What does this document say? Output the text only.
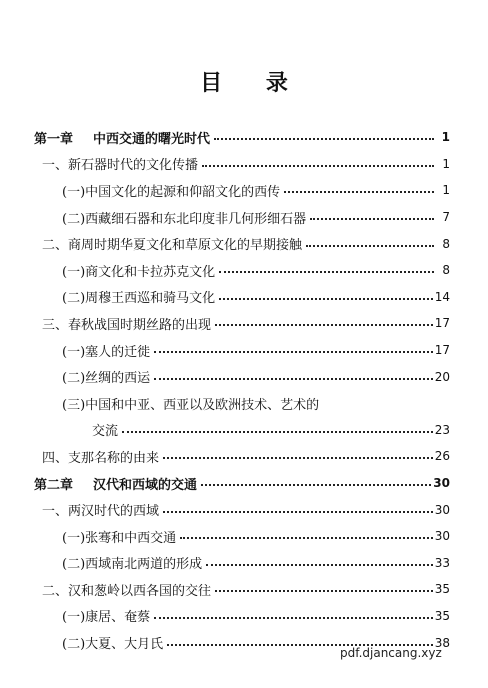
目 录
第一章 中西交通的曙光时代	1
一、新石器时代的文化传播	1
(一)中国文化的起源和仰韶文化的西传	1
(二)西藏细石器和东北印度非几何形细石器	7
二、商周时期华夏文化和草原文化的早期接触	8
(一)商文化和卡拉苏克文化	8
(二)周穆王西巡和骑马文化	14
三、春秋战国时期丝路的出现	17
(一)塞人的迁徙	17
(二)丝绸的西运	20
(三)中国和中亚、西亚以及欧洲技术、艺术的
交流	23
四、支那名称的由来	26
第二章 汉代和西域的交通	30
一、两汉时代的西域	30
(一)张骞和中西交通	30
(二)西域南北两道的形成	33
二、汉和葱岭以西各国的交往	35
(一)康居、奄蔡	35
(二)大夏、大月氏	38
pdf.djancang.xyz
